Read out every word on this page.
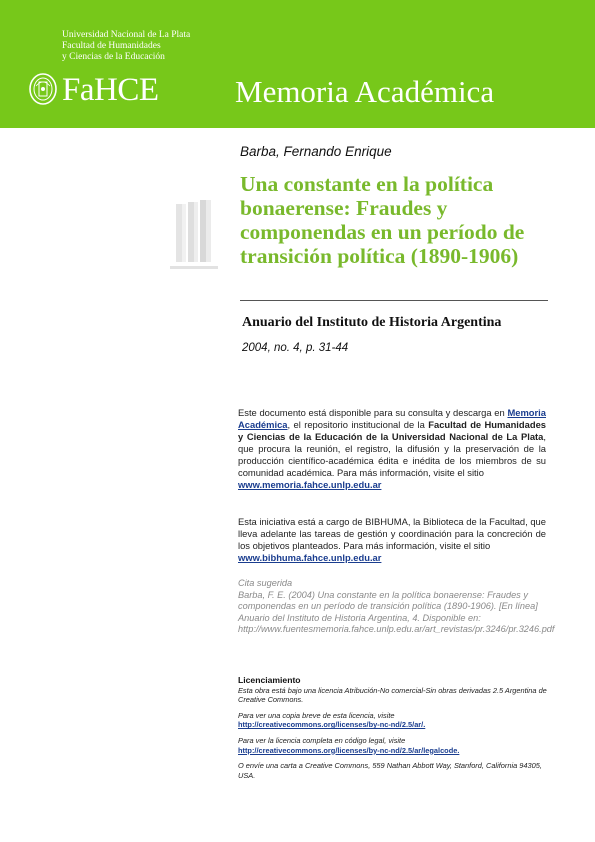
Universidad Nacional de La Plata
Facultad de Humanidades
y Ciencias de la Educación
FaHCE Memoria Académica
Barba, Fernando Enrique
Una constante en la política bonaerense: Fraudes y componendas en un período de transición política (1890-1906)
Anuario del Instituto de Historia Argentina
2004, no. 4, p. 31-44
Este documento está disponible para su consulta y descarga en Memoria Académica, el repositorio institucional de la Facultad de Humanidades y Ciencias de la Educación de la Universidad Nacional de La Plata, que procura la reunión, el registro, la difusión y la preservación de la producción científico-académica édita e inédita de los miembros de su comunidad académica. Para más información, visite el sitio
www.memoria.fahce.unlp.edu.ar
Esta iniciativa está a cargo de BIBHUMA, la Biblioteca de la Facultad, que lleva adelante las tareas de gestión y coordinación para la concreción de los objetivos planteados. Para más información, visite el sitio
www.bibhuma.fahce.unlp.edu.ar
Cita sugerida
Barba, F. E. (2004) Una constante en la política bonaerense: Fraudes y componendas en un período de transición política (1890-1906). [En línea] Anuario del Instituto de Historia Argentina, 4. Disponible en: http://www.fuentesmemoria.fahce.unlp.edu.ar/art_revistas/pr.3246/pr.3246.pdf
Licenciamiento
Esta obra está bajo una licencia Atribución-No comercial-Sin obras derivadas 2.5 Argentina de Creative Commons.
Para ver una copia breve de esta licencia, visite
http://creativecommons.org/licenses/by-nc-nd/2.5/ar/.
Para ver la licencia completa en código legal, visite
http://creativecommons.org/licenses/by-nc-nd/2.5/ar/legalcode.
O envíe una carta a Creative Commons, 559 Nathan Abbott Way, Stanford, California 94305, USA.
